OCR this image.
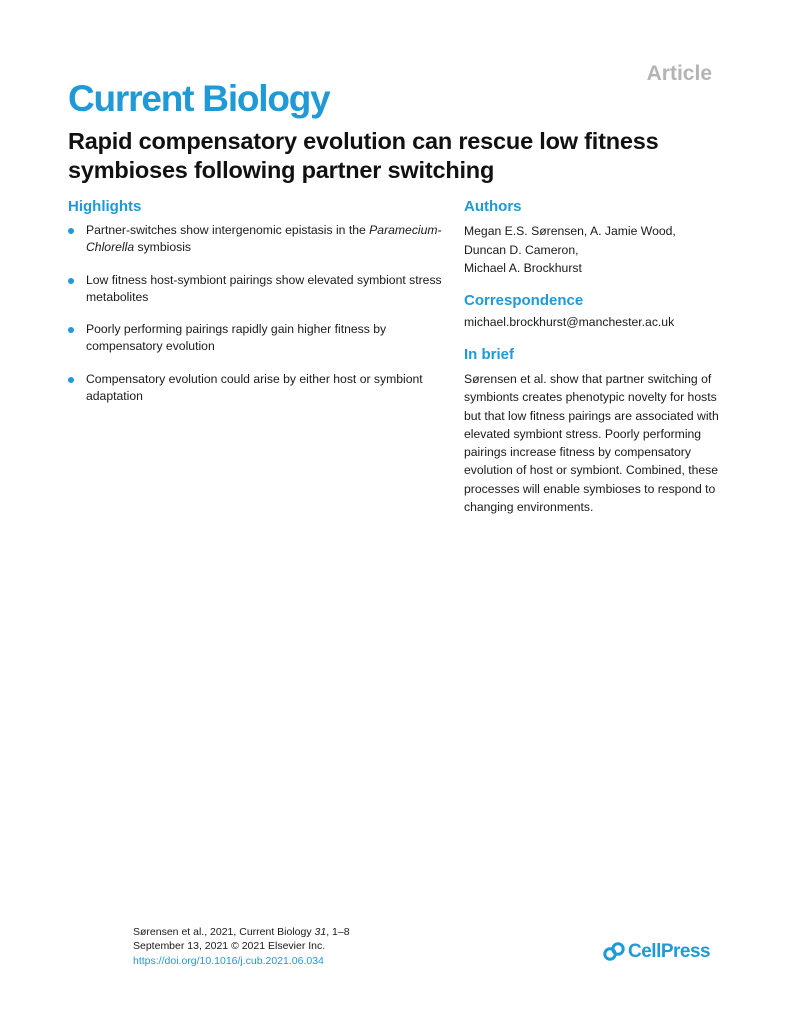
Article
Current Biology
Rapid compensatory evolution can rescue low fitness symbioses following partner switching
Highlights
Partner-switches show intergenomic epistasis in the Paramecium-Chlorella symbiosis
Low fitness host-symbiont pairings show elevated symbiont stress metabolites
Poorly performing pairings rapidly gain higher fitness by compensatory evolution
Compensatory evolution could arise by either host or symbiont adaptation
Authors
Megan E.S. Sørensen, A. Jamie Wood,
Duncan D. Cameron,
Michael A. Brockhurst
Correspondence
michael.brockhurst@manchester.ac.uk
In brief
Sørensen et al. show that partner switching of symbionts creates phenotypic novelty for hosts but that low fitness pairings are associated with elevated symbiont stress. Poorly performing pairings increase fitness by compensatory evolution of host or symbiont. Combined, these processes will enable symbioses to respond to changing environments.
Sørensen et al., 2021, Current Biology 31, 1–8
September 13, 2021 © 2021 Elsevier Inc.
https://doi.org/10.1016/j.cub.2021.06.034	CellPress
